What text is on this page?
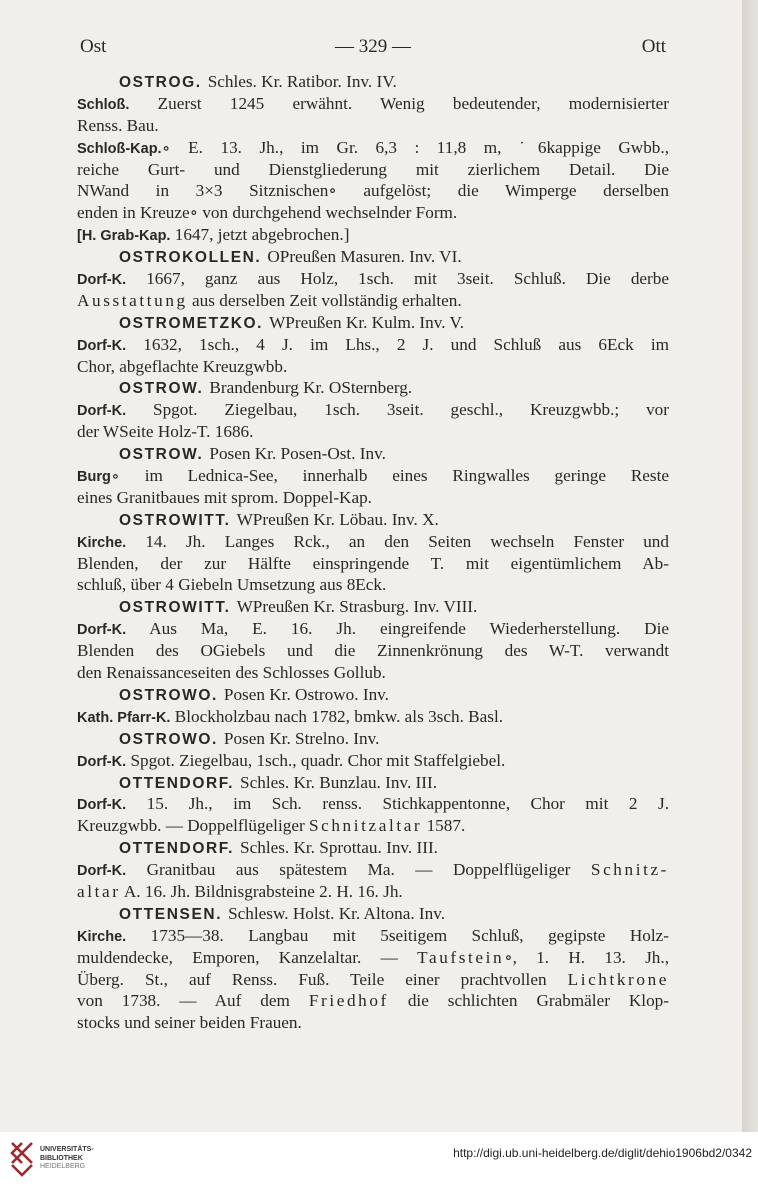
Ost	— 329 —	Ott
OSTROG. Schles. Kr. Ratibor. Inv. IV.
Schloß. Zuerst 1245 erwähnt. Wenig bedeutender, modernisierter
Renss. Bau.
Schloß-Kap.∘ E. 13. Jh., im Gr. 6,3 : 11,8 m, ˙6kappige Gwbb.,
reiche Gurt- und Dienstgliederung mit zierlichem Detail. Die
NWand in 3×3 Sitznischen∘ aufgelöst; die Wimperge derselben
enden in Kreuze∘ von durchgehend wechselnder Form.
[H. Grab-Kap. 1647, jetzt abgebrochen.]
OSTROKOLLEN. OPreußen Masuren. Inv. VI.
Dorf-K. 1667, ganz aus Holz, 1sch. mit 3seit. Schluß. Die derbe
Ausstattung aus derselben Zeit vollständig erhalten.
OSTROMETZKO. WPreußen Kr. Kulm. Inv. V.
Dorf-K. 1632, 1sch., 4 J. im Lhs., 2 J. und Schluß aus 6Eck im
Chor, abgeflachte Kreuzgwbb.
OSTROW. Brandenburg Kr. OSternberg.
Dorf-K. Spgot. Ziegelbau, 1sch. 3seit. geschl., Kreuzgwbb.; vor
der WSeite Holz-T. 1686.
OSTROW. Posen Kr. Posen-Ost. Inv.
Burg∘ im Lednica-See, innerhalb eines Ringwalles geringe Reste
eines Granitbaues mit sprom. Doppel-Kap.
OSTROWITT. WPreußen Kr. Löbau. Inv. X.
Kirche. 14. Jh. Langes Rck., an den Seiten wechseln Fenster und
Blenden, der zur Hälfte einspringende T. mit eigentümlichem Ab-
schluß, über 4 Giebeln Umsetzung aus 8Eck.
OSTROWITT. WPreußen Kr. Strasburg. Inv. VIII.
Dorf-K. Aus Ma, E. 16. Jh. eingreifende Wiederherstellung. Die
Blenden des OGiebels und die Zinnenkrönung des W-T. verwandt
den Renaissanceseiten des Schlosses Gollub.
OSTROWO. Posen Kr. Ostrowo. Inv.
Kath. Pfarr-K. Blockholzbau nach 1782, bmkw. als 3sch. Basl.
OSTROWO. Posen Kr. Strelno. Inv.
Dorf-K. Spgot. Ziegelbau, 1sch., quadr. Chor mit Staffelgiebel.
OTTENDORF. Schles. Kr. Bunzlau. Inv. III.
Dorf-K. 15. Jh., im Sch. renss. Stichkappentonne, Chor mit 2 J.
Kreuzgwbb. — Doppelflügeliger Schnitzaltar 1587.
OTTENDORF. Schles. Kr. Sprottau. Inv. III.
Dorf-K. Granitbau aus spätestem Ma. — Doppelflügeliger Schnitz-
altar A. 16. Jh. Bildnisgrabsteine 2. H. 16. Jh.
OTTENSEN. Schlesw. Holst. Kr. Altona. Inv.
Kirche. 1735—38. Langbau mit 5seitigem Schluß, gegipste Holz-
muldendecke, Emporen, Kanzelaltar. — Taufstein∘, 1. H. 13. Jh.,
Überg. St., auf Renss. Fuß. Teile einer prachtvollen Lichtkrone
von 1738. — Auf dem Friedhof die schlichten Grabmäler Klop-
stocks und seiner beiden Frauen.
UNIVERSITÄTS-
BIBLIOTHEK
HEIDELBERG
http://digi.ub.uni-heidelberg.de/diglit/dehio1906bd2/0342
